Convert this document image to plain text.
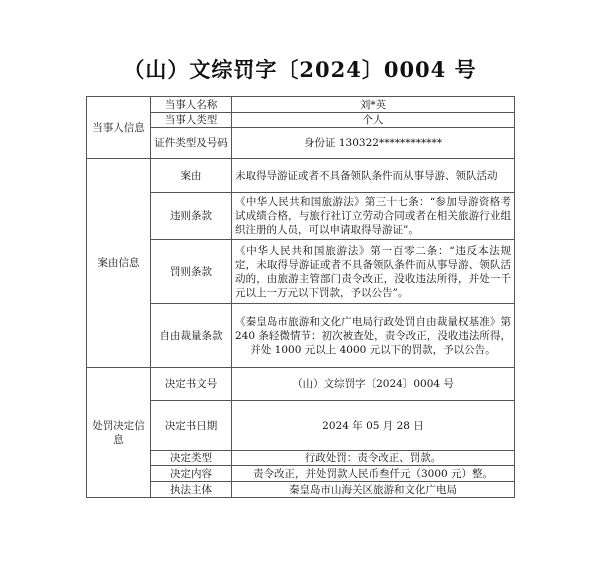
（山）文综罚字〔2024〕0004 号
当事人信息	当事人名称	刘*英
	当事人类型	个人
	证件类型及号码	身份证 130322************
案由信息	案由	未取得导游证或者不具备领队条件而从事导游、领队活动
	违则条款	《中华人民共和国旅游法》第三十七条：“参加导游资格考试成绩合格，与旅行社订立劳动合同或者在相关旅游行业组织注册的人员，可以申请取得导游证”。
	罚则条款	《中华人民共和国旅游法》第一百零二条：“违反本法规定，未取得导游证或者不具备领队条件而从事导游、领队活动的，由旅游主管部门责令改正，没收违法所得，并处一千元以上一万元以下罚款，予以公告”。
	自由裁量条款	《秦皇岛市旅游和文化广电局行政处罚自由裁量权基准》第 240 条轻微情节：初次被查处，责令改正，没收违法所得，并处 1000 元以上 4000 元以下的罚款，予以公告。
处罚决定信息	决定书文号	（山）文综罚字〔2024〕0004 号
	决定书日期	2024 年 05 月 28 日
	决定类型	行政处罚：责令改正、罚款。
	决定内容	责令改正，并处罚款人民币叁仟元（3000 元）整。
	执法主体	秦皇岛市山海关区旅游和文化广电局
